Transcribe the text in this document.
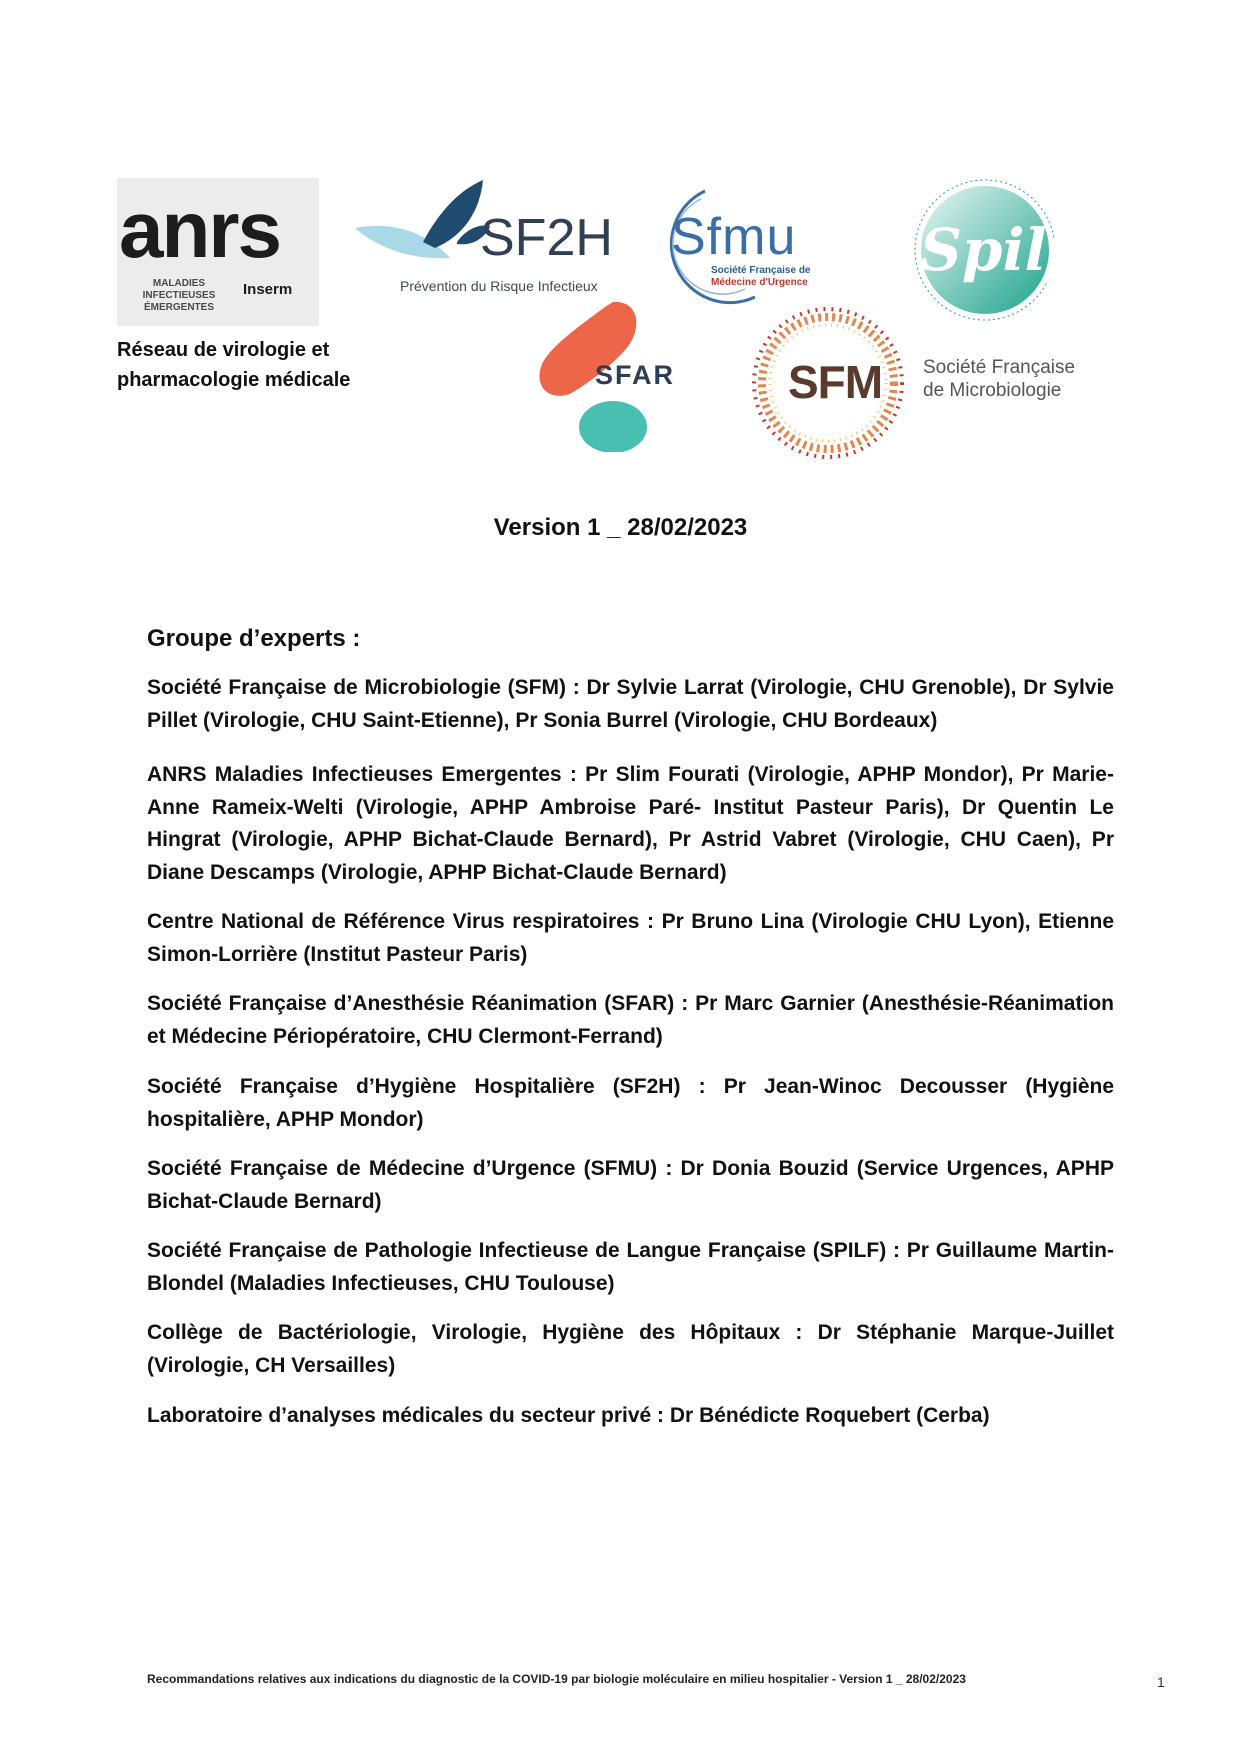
anrs
MALADIES INFECTIEUSES ÉMERGENTES
Inserm
Réseau de virologie et
pharmacologie médicale
SF2H
Prévention du Risque Infectieux
Sfmu
Société Française de
Médecine d'Urgence Spilf
SFAR SFM Société Française
de Microbiologie
Version 1 _ 28/02/2023
Groupe d’experts :
Société Française de Microbiologie (SFM) : Dr Sylvie Larrat (Virologie, CHU Grenoble), Dr Sylvie Pillet (Virologie, CHU Saint-Etienne), Pr Sonia Burrel (Virologie, CHU Bordeaux)
ANRS Maladies Infectieuses Emergentes : Pr Slim Fourati (Virologie, APHP Mondor), Pr Marie-Anne Rameix-Welti (Virologie, APHP Ambroise Paré- Institut Pasteur Paris), Dr Quentin Le Hingrat (Virologie, APHP Bichat-Claude Bernard), Pr Astrid Vabret (Virologie, CHU Caen), Pr Diane Descamps (Virologie, APHP Bichat-Claude Bernard)
Centre National de Référence Virus respiratoires : Pr Bruno Lina (Virologie CHU Lyon), Etienne Simon-Lorrière (Institut Pasteur Paris)
Société Française d’Anesthésie Réanimation (SFAR) : Pr Marc Garnier (Anesthésie-Réanimation et Médecine Périopératoire, CHU Clermont-Ferrand)
Société Française d’Hygiène Hospitalière (SF2H) : Pr Jean-Winoc Decousser (Hygiène hospitalière, APHP Mondor)
Société Française de Médecine d’Urgence (SFMU) : Dr Donia Bouzid (Service Urgences, APHP Bichat-Claude Bernard)
Société Française de Pathologie Infectieuse de Langue Française (SPILF) : Pr Guillaume Martin-Blondel (Maladies Infectieuses, CHU Toulouse)
Collège de Bactériologie, Virologie, Hygiène des Hôpitaux : Dr Stéphanie Marque-Juillet (Virologie, CH Versailles)
Laboratoire d’analyses médicales du secteur privé : Dr Bénédicte Roquebert (Cerba)
Recommandations relatives aux indications du diagnostic de la COVID-19 par biologie moléculaire en milieu hospitalier - Version 1 _ 28/02/2023	1
